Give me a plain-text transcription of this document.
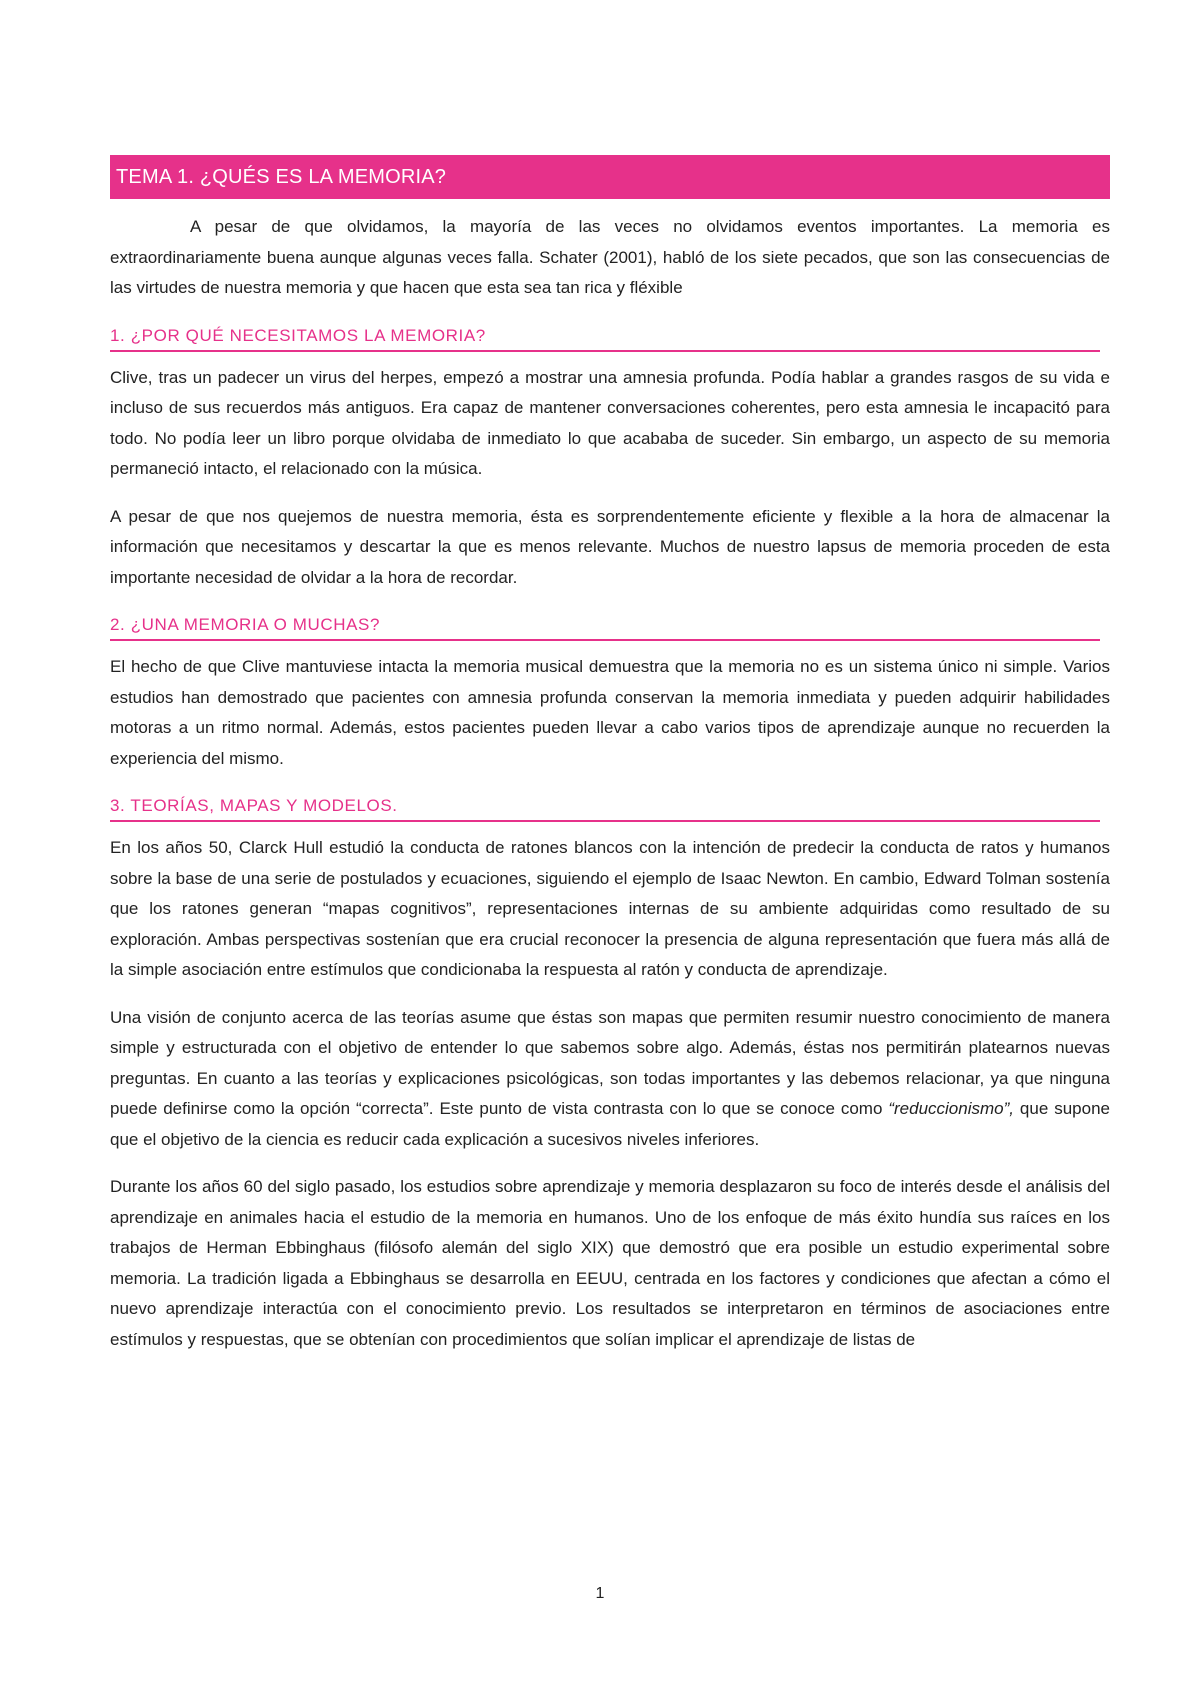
TEMA 1. ¿QUÉS ES LA MEMORIA?

A pesar de que olvidamos, la mayoría de las veces no olvidamos eventos importantes. La memoria es extraordinariamente buena aunque algunas veces falla. Schater (2001), habló de los siete pecados, que son las consecuencias de las virtudes de nuestra memoria y que hacen que esta sea tan rica y fléxible

1. ¿POR QUÉ NECESITAMOS LA MEMORIA?

Clive, tras un padecer un virus del herpes, empezó a mostrar una amnesia profunda. Podía hablar a grandes rasgos de su vida e incluso de sus recuerdos más antiguos. Era capaz de mantener conversaciones coherentes, pero esta amnesia le incapacitó para todo. No podía leer un libro porque olvidaba de inmediato lo que acababa de suceder. Sin embargo, un aspecto de su memoria permaneció intacto, el relacionado con la música.

A pesar de que nos quejemos de nuestra memoria, ésta es sorprendentemente eficiente y flexible a la hora de almacenar la información que necesitamos y descartar la que es menos relevante. Muchos de nuestro lapsus de memoria proceden de esta importante necesidad de olvidar a la hora de recordar.

2. ¿UNA MEMORIA O MUCHAS?

El hecho de que Clive mantuviese intacta la memoria musical demuestra que la memoria no es un sistema único ni simple. Varios estudios han demostrado que pacientes con amnesia profunda conservan la memoria inmediata y pueden adquirir habilidades motoras a un ritmo normal. Además, estos pacientes pueden llevar a cabo varios tipos de aprendizaje aunque no recuerden la experiencia del mismo.

3. TEORÍAS, MAPAS Y MODELOS.

En los años 50, Clarck Hull estudió la conducta de ratones blancos con la intención de predecir la conducta de ratos y humanos sobre la base de una serie de postulados y ecuaciones, siguiendo el ejemplo de Isaac Newton. En cambio, Edward Tolman sostenía que los ratones generan “mapas cognitivos”, representaciones internas de su ambiente adquiridas como resultado de su exploración. Ambas perspectivas sostenían que era crucial reconocer la presencia de alguna representación que fuera más allá de la simple asociación entre estímulos que condicionaba la respuesta al ratón y conducta de aprendizaje.

Una visión de conjunto acerca de las teorías asume que éstas son mapas que permiten resumir nuestro conocimiento de manera simple y estructurada con el objetivo de entender lo que sabemos sobre algo. Además, éstas nos permitirán platearnos nuevas preguntas. En cuanto a las teorías y explicaciones psicológicas, son todas importantes y las debemos relacionar, ya que ninguna puede definirse como la opción “correcta”. Este punto de vista contrasta con lo que se conoce como “reduccionismo”, que supone que el objetivo de la ciencia es reducir cada explicación a sucesivos niveles inferiores.

Durante los años 60 del siglo pasado, los estudios sobre aprendizaje y memoria desplazaron su foco de interés desde el análisis del aprendizaje en animales hacia el estudio de la memoria en humanos. Uno de los enfoque de más éxito hundía sus raíces en los trabajos de Herman Ebbinghaus (filósofo alemán del siglo XIX) que demostró que era posible un estudio experimental sobre memoria. La tradición ligada a Ebbinghaus se desarrolla en EEUU, centrada en los factores y condiciones que afectan a cómo el nuevo aprendizaje interactúa con el conocimiento previo. Los resultados se interpretaron en términos de asociaciones entre estímulos y respuestas, que se obtenían con procedimientos que solían implicar el aprendizaje de listas de

1
